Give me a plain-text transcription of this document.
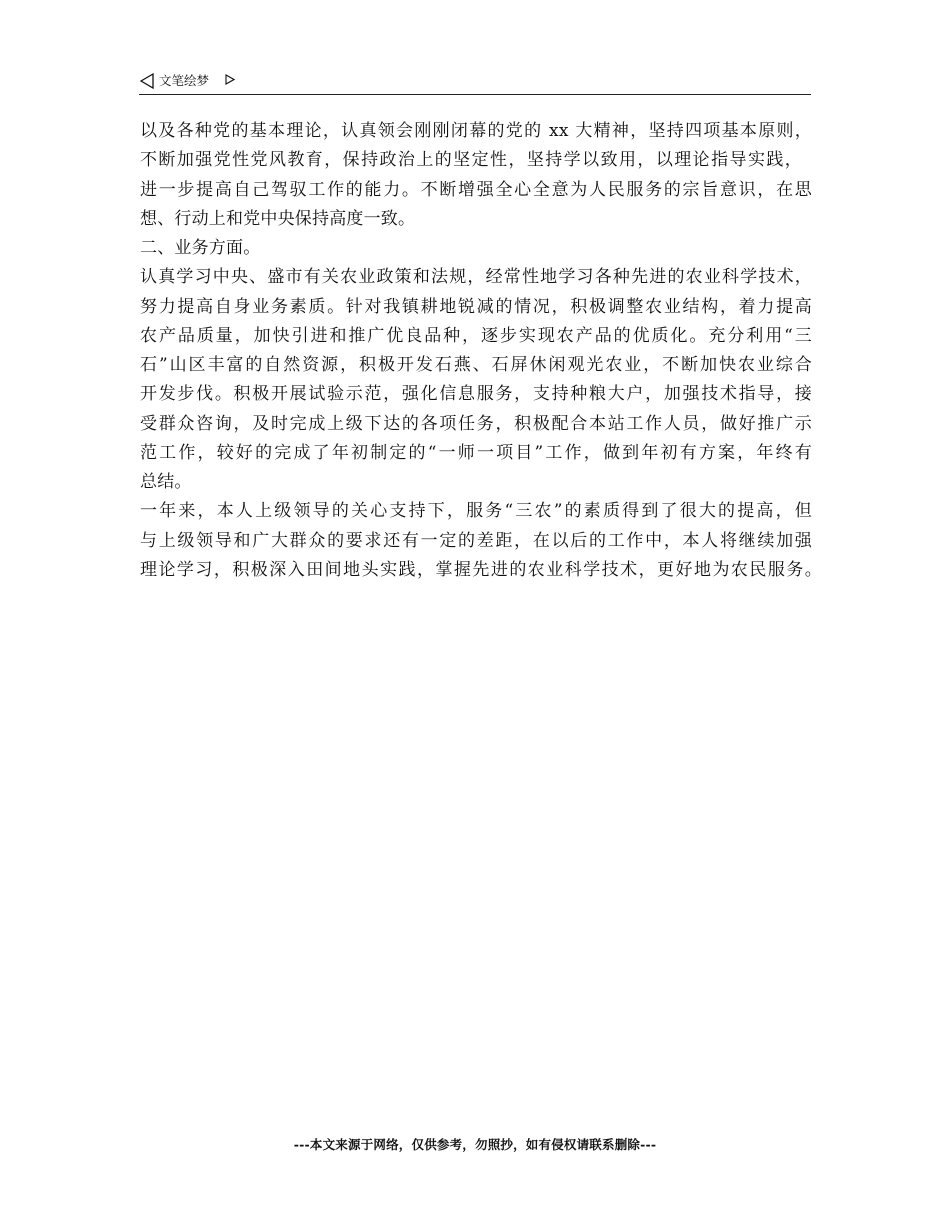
文笔绘梦
以及各种党的基本理论，认真领会刚刚闭幕的党的 xx 大精神，坚持四项基本原则，
不断加强党性党风教育，保持政治上的坚定性，坚持学以致用，以理论指导实践，
进一步提高自己驾驭工作的能力。不断增强全心全意为人民服务的宗旨意识，在思
想、行动上和党中央保持高度一致。
二、业务方面。
认真学习中央、盛市有关农业政策和法规，经常性地学习各种先进的农业科学技术，
努力提高自身业务素质。针对我镇耕地锐减的情况，积极调整农业结构，着力提高
农产品质量，加快引进和推广优良品种，逐步实现农产品的优质化。充分利用“三
石”山区丰富的自然资源，积极开发石燕、石屏休闲观光农业，不断加快农业综合
开发步伐。积极开展试验示范，强化信息服务，支持种粮大户，加强技术指导，接
受群众咨询，及时完成上级下达的各项任务，积极配合本站工作人员，做好推广示
范工作，较好的完成了年初制定的“一师一项目”工作，做到年初有方案，年终有
总结。
一年来，本人上级领导的关心支持下，服务“三农”的素质得到了很大的提高，但
与上级领导和广大群众的要求还有一定的差距，在以后的工作中，本人将继续加强
理论学习，积极深入田间地头实践，掌握先进的农业科学技术，更好地为农民服务。
---本文来源于网络，仅供参考，勿照抄，如有侵权请联系删除---
